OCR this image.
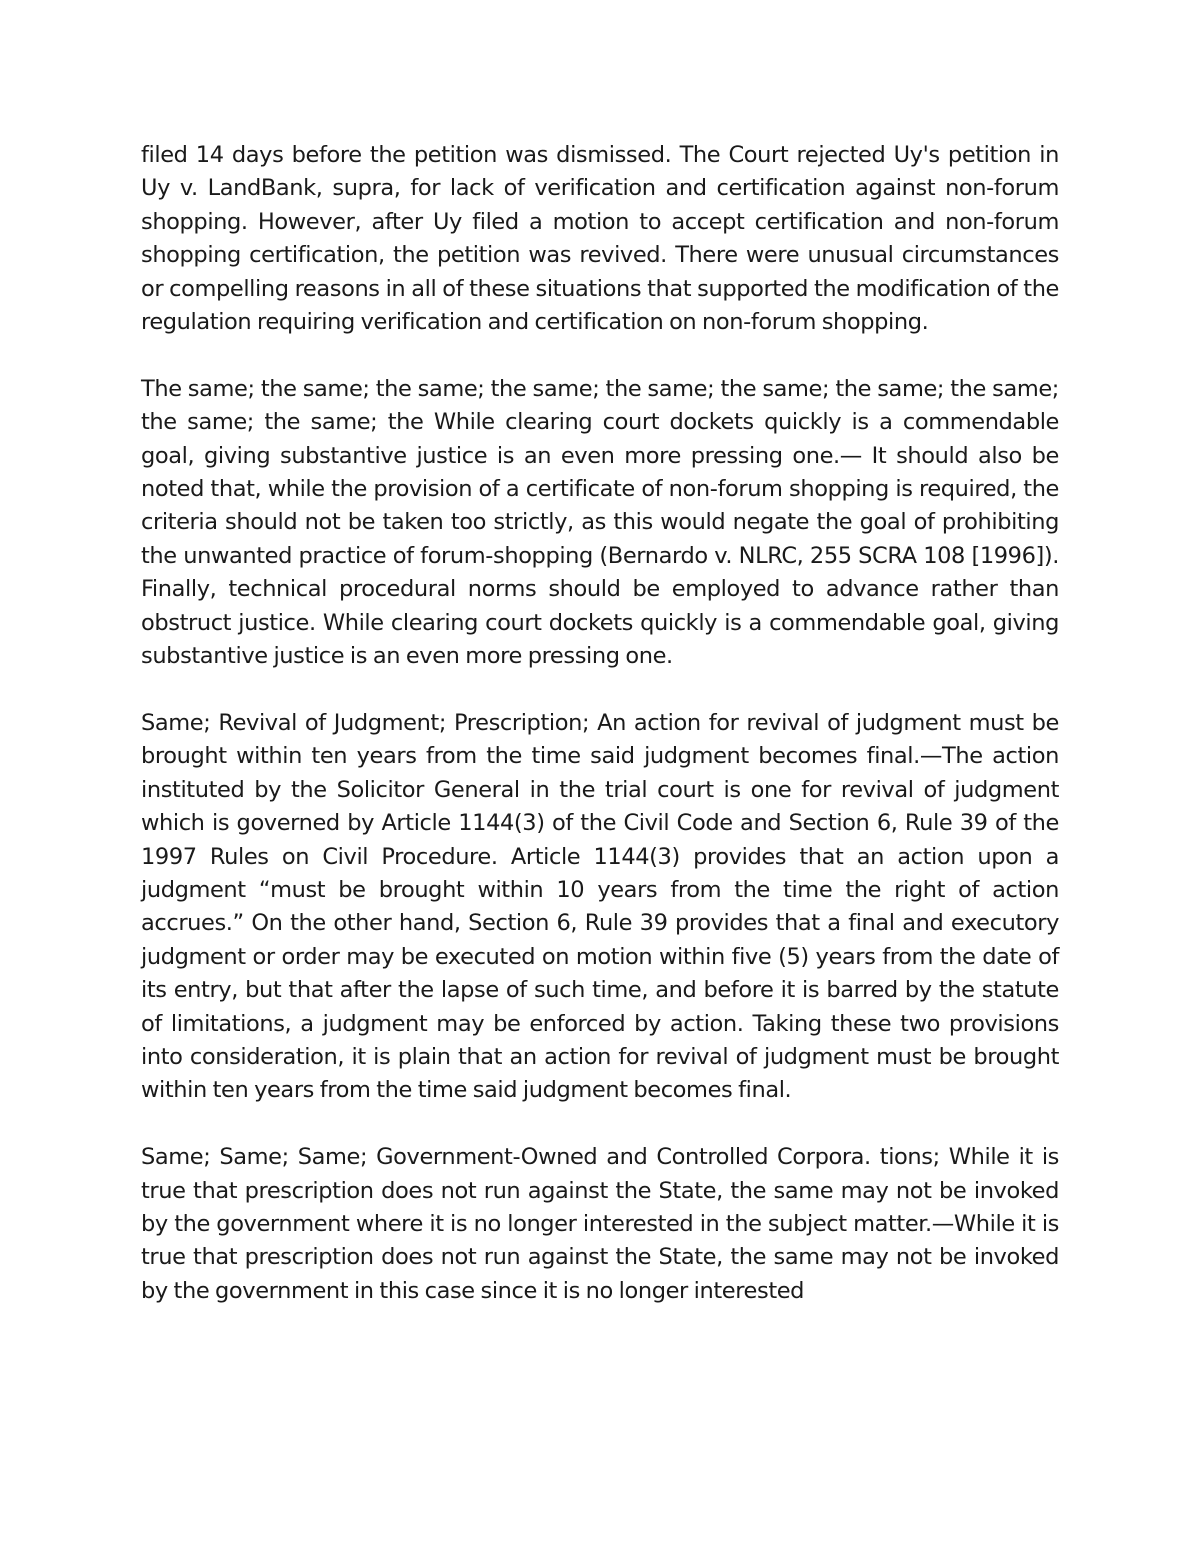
filed 14 days before the petition was dismissed. The Court rejected Uy's petition in Uy v. LandBank, supra, for lack of verification and certification against non-forum shopping. However, after Uy filed a motion to accept certification and non-forum shopping certification, the petition was revived. There were unusual circumstances or compelling reasons in all of these situations that supported the modification of the regulation requiring verification and certification on non-forum shopping.

The same; the same; the same; the same; the same; the same; the same; the same; the same; the same; the While clearing court dockets quickly is a commendable goal, giving substantive justice is an even more pressing one.— It should also be noted that, while the provision of a certificate of non-forum shopping is required, the criteria should not be taken too strictly, as this would negate the goal of prohibiting the unwanted practice of forum-shopping (Bernardo v. NLRC, 255 SCRA 108 [1996]). Finally, technical procedural norms should be employed to advance rather than obstruct justice. While clearing court dockets quickly is a commendable goal, giving substantive justice is an even more pressing one.

Same; Revival of Judgment; Prescription; An action for revival of judgment must be brought within ten years from the time said judgment becomes final.—The action instituted by the Solicitor General in the trial court is one for revival of judgment which is governed by Article 1144(3) of the Civil Code and Section 6, Rule 39 of the 1997 Rules on Civil Procedure. Article 1144(3) provides that an action upon a judgment “must be brought within 10 years from the time the right of action accrues.” On the other hand, Section 6, Rule 39 provides that a final and executory judgment or order may be executed on motion within five (5) years from the date of its entry, but that after the lapse of such time, and before it is barred by the statute of limitations, a judgment may be enforced by action. Taking these two provisions into consideration, it is plain that an action for revival of judgment must be brought within ten years from the time said judgment becomes final.

Same; Same; Same; Government-Owned and Controlled Corpora. tions; While it is true that prescription does not run against the State, the same may not be invoked by the government where it is no longer interested in the subject matter.—While it is true that prescription does not run against the State, the same may not be invoked by the government in this case since it is no longer interested
